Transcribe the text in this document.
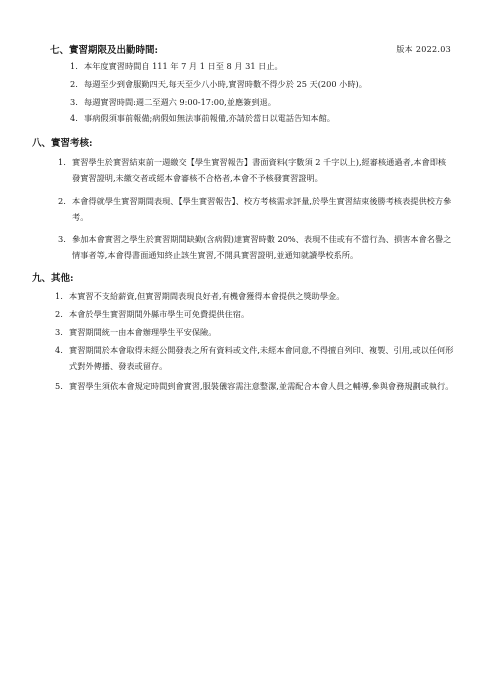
版本 2022.03
七、實習期限及出勤時間:
1. 本年度實習時間自 111 年 7 月 1 日至 8 月 31 日止。
2. 每週至少到會服勤四天,每天至少八小時,實習時數不得少於 25 天(200 小時)。
3. 每週實習時間:週二至週六 9:00-17:00,並應簽到退。
4. 事病假須事前報備;病假如無法事前報備,亦請於當日以電話告知本館。
八、實習考核:
1. 實習學生於實習結束前一週繳交【學生實習報告】書面資料(字數須 2 千字以上),經審核通過者,本會即核發實習證明,未繳交者或經本會審核不合格者,本會不予核發實習證明。
2. 本會得就學生實習期間表現、【學生實習報告】、校方考核需求評量,於學生實習結束後勝考核表提供校方參考。
3. 參加本會實習之學生於實習期間缺勤(含病假)達實習時數 20%、表現不佳或有不當行為、損害本會名譽之情事者等,本會得書面通知終止該生實習,不開具實習證明,並通知就讀學校系所。
九、其他:
1. 本實習不支給薪資,但實習期間表現良好者,有機會獲得本會提供之獎助學金。
2. 本會於學生實習期間外縣市學生可免費提供住宿。
3. 實習期間統一由本會辦理學生平安保險。
4. 實習期間於本會取得未經公開發表之所有資料或文件,未經本會同意,不得擅自列印、複製、引用,或以任何形式對外傳播、發表或留存。
5. 實習學生須依本會規定時間到會實習,服裝儀容需注意整潔,並需配合本會人員之輔導,參與會務規劃或執行。
